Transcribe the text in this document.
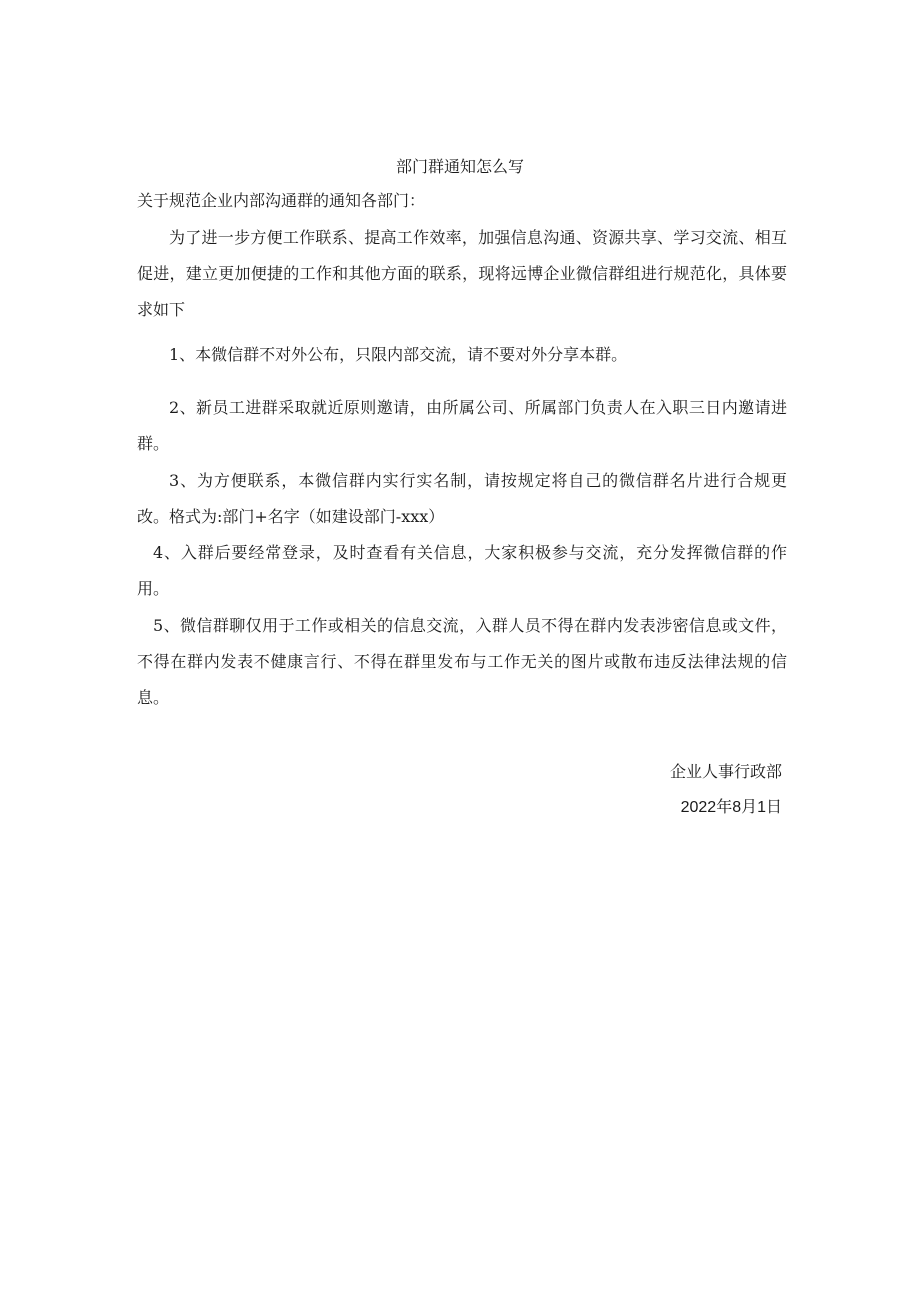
部门群通知怎么写
关于规范企业内部沟通群的通知各部门：

为了进一步方便工作联系、提高工作效率，加强信息沟通、资源共享、学习交流、相互促进，建立更加便捷的工作和其他方面的联系，现将远博企业微信群组进行规范化，具体要求如下

1、本微信群不对外公布，只限内部交流，请不要对外分享本群。

2、新员工进群采取就近原则邀请，由所属公司、所属部门负责人在入职三日内邀请进群。

3、为方便联系，本微信群内实行实名制，请按规定将自己的微信群名片进行合规更改。格式为:部门+名字（如建设部门-xxx）

4、入群后要经常登录，及时查看有关信息，大家积极参与交流，充分发挥微信群的作用。

5、微信群聊仅用于工作或相关的信息交流，入群人员不得在群内发表涉密信息或文件，不得在群内发表不健康言行、不得在群里发布与工作无关的图片或散布违反法律法规的信息。

企业人事行政部
2022年8月1日
